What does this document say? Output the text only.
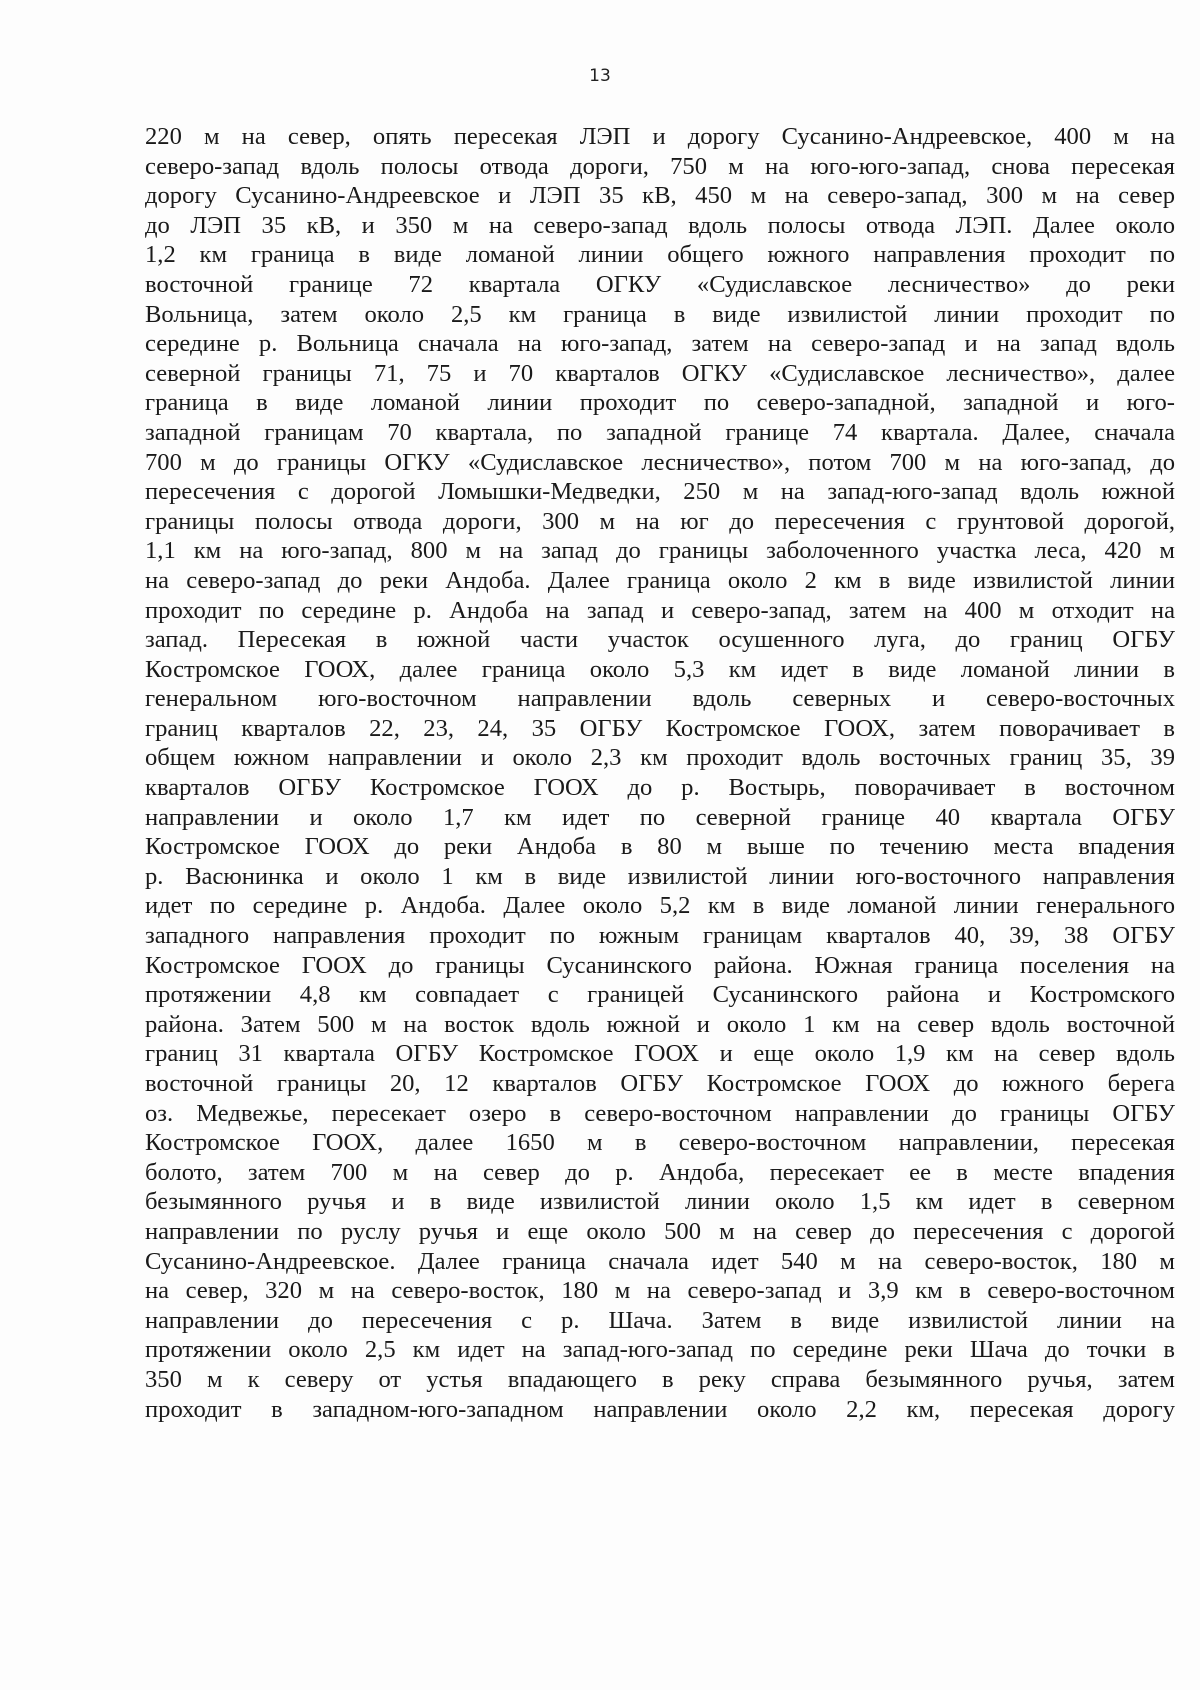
13
220 м на север, опять пересекая ЛЭП и дорогу Сусанино-Андреевское, 400 м на
северо-запад вдоль полосы отвода дороги, 750 м на юго-юго-запад, снова пересекая
дорогу Сусанино-Андреевское и ЛЭП 35 кВ, 450 м на северо-запад, 300 м на север
до ЛЭП 35 кВ, и 350 м на северо-запад вдоль полосы отвода ЛЭП. Далее около
1,2 км граница в виде ломаной линии общего южного направления проходит по
восточной границе 72 квартала ОГКУ «Судиславское лесничество» до реки
Вольница, затем около 2,5 км граница в виде извилистой линии проходит по
середине р. Вольница сначала на юго-запад, затем на северо-запад и на запад вдоль
северной границы 71, 75 и 70 кварталов ОГКУ «Судиславское лесничество», далее
граница в виде ломаной линии проходит по северо-западной, западной и юго-
западной границам 70 квартала, по западной границе 74 квартала. Далее, сначала
700 м до границы ОГКУ «Судиславское лесничество», потом 700 м на юго-запад, до
пересечения с дорогой Ломышки-Медведки, 250 м на запад-юго-запад вдоль южной
границы полосы отвода дороги, 300 м на юг до пересечения с грунтовой дорогой,
1,1 км на юго-запад, 800 м на запад до границы заболоченного участка леса, 420 м
на северо-запад до реки Андоба. Далее граница около 2 км в виде извилистой линии
проходит по середине р. Андоба на запад и северо-запад, затем на 400 м отходит на
запад. Пересекая в южной части участок осушенного луга, до границ ОГБУ
Костромское ГООХ, далее граница около 5,3 км идет в виде ломаной линии в
генеральном юго-восточном направлении вдоль северных и северо-восточных
границ кварталов 22, 23, 24, 35 ОГБУ Костромское ГООХ, затем поворачивает в
общем южном направлении и около 2,3 км проходит вдоль восточных границ 35, 39
кварталов ОГБУ Костромское ГООХ до р. Востырь, поворачивает в восточном
направлении и около 1,7 км идет по северной границе 40 квартала ОГБУ
Костромское ГООХ до реки Андоба в 80 м выше по течению места впадения
р. Васюнинка и около 1 км в виде извилистой линии юго-восточного направления
идет по середине р. Андоба. Далее около 5,2 км в виде ломаной линии генерального
западного направления проходит по южным границам кварталов 40, 39, 38 ОГБУ
Костромское ГООХ до границы Сусанинского района. Южная граница поселения на
протяжении 4,8 км совпадает с границей Сусанинского района и Костромского
района. Затем 500 м на восток вдоль южной и около 1 км на север вдоль восточной
границ 31 квартала ОГБУ Костромское ГООХ и еще около 1,9 км на север вдоль
восточной границы 20, 12 кварталов ОГБУ Костромское ГООХ до южного берега
оз. Медвежье, пересекает озеро в северо-восточном направлении до границы ОГБУ
Костромское ГООХ, далее 1650 м в северо-восточном направлении, пересекая
болото, затем 700 м на север до р. Андоба, пересекает ее в месте впадения
безымянного ручья и в виде извилистой линии около 1,5 км идет в северном
направлении по руслу ручья и еще около 500 м на север до пересечения с дорогой
Сусанино-Андреевское. Далее граница сначала идет 540 м на северо-восток, 180 м
на север, 320 м на северо-восток, 180 м на северо-запад и 3,9 км в северо-восточном
направлении до пересечения с р. Шача. Затем в виде извилистой линии на
протяжении около 2,5 км идет на запад-юго-запад по середине реки Шача до точки в
350 м к северу от устья впадающего в реку справа безымянного ручья, затем
проходит в западном-юго-западном направлении около 2,2 км, пересекая дорогу
